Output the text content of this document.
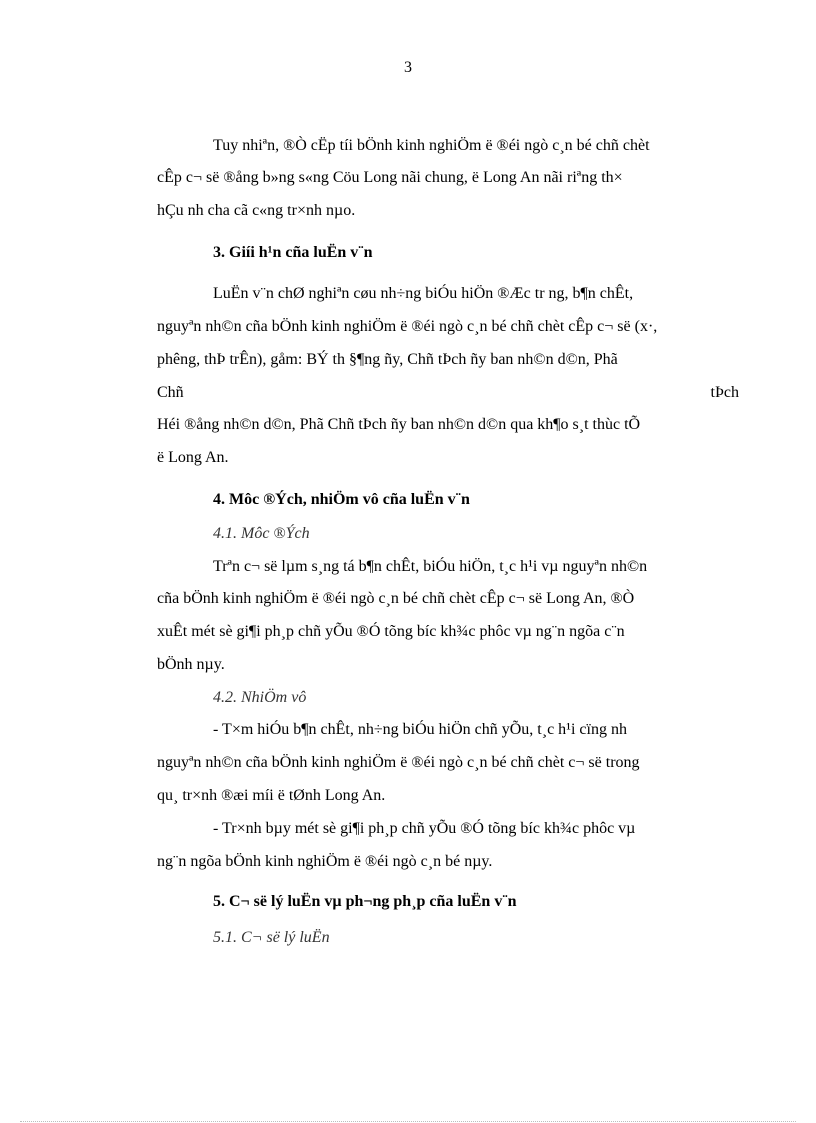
3
Tuy nhiªn, ®Ò cËp tíi bÖnh kinh nghiÖm ë ®éi ngò c¸n bé chñ chèt
cÊp c¬ së ®ång b»ng s«ng Cöu Long nãi chung, ë Long An nãi riªng th×
hÇu nh cha cã c«ng tr×nh nµo.
3. Giíi h¹n cña luËn v¨n
LuËn v¨n chØ nghiªn cøu nh÷ng biÓu hiÖn ®Æc tr ng, b¶n chÊt,
nguyªn nh©n cña bÖnh kinh nghiÖm ë ®éi ngò c¸n bé chñ chèt cÊp c¬ së (x·,
phêng, thÞ trÊn), gåm: BÝ th §¶ng ñy, Chñ tÞch ñy ban nh©n d©n, Phã
Chñ	tÞch
Héi ®ång nh©n d©n, Phã Chñ tÞch ñy ban nh©n d©n qua kh¶o s¸t thùc tÕ
ë Long An.
4. Môc ®Ých, nhiÖm vô cña luËn v¨n
4.1. Môc ®Ých
Trªn c¬ së lµm s¸ng tá b¶n chÊt, biÓu hiÖn, t¸c h¹i vµ nguyªn nh©n
cña bÖnh kinh nghiÖm ë ®éi ngò c¸n bé chñ chèt cÊp c¬ së Long An, ®Ò
xuÊt mét sè gi¶i ph¸p chñ yÕu ®Ó tõng bíc kh¾c phôc vµ ng¨n ngõa c¨n
bÖnh nµy.
4.2. NhiÖm vô
- T×m hiÓu b¶n chÊt, nh÷ng biÓu hiÖn chñ yÕu, t¸c h¹i cïng nh
nguyªn nh©n cña bÖnh kinh nghiÖm ë ®éi ngò c¸n bé chñ chèt c¬ së trong
qu¸ tr×nh ®æi míi ë tØnh Long An.
- Tr×nh bµy mét sè gi¶i ph¸p chñ yÕu ®Ó tõng bíc kh¾c phôc vµ
ng¨n ngõa bÖnh kinh nghiÖm ë ®éi ngò c¸n bé nµy.
5. C¬ së lý luËn vµ ph¬ng ph¸p cña luËn v¨n
5.1. C¬ së lý luËn
